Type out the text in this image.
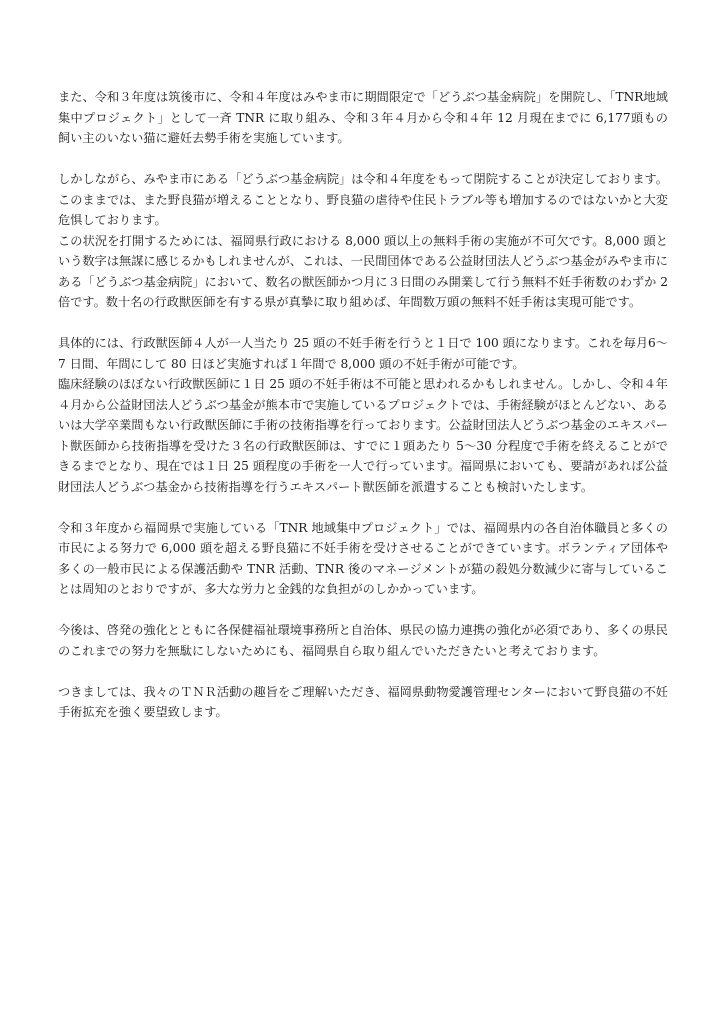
また、令和３年度は筑後市に、令和４年度はみやま市に期間限定で「どうぶつ基金病院」を開院し、「TNR地域集中プロジェクト」として一斉 TNR に取り組み、令和３年４月から令和４年 12 月現在までに 6,177頭もの飼い主のいない猫に避妊去勢手術を実施しています。

しかしながら、みやま市にある「どうぶつ基金病院」は令和４年度をもって閉院することが決定しております。このままでは、また野良猫が増えることとなり、野良猫の虐待や住民トラブル等も増加するのではないかと大変危惧しております。

この状況を打開するためには、福岡県行政における 8,000 頭以上の無料手術の実施が不可欠です。8,000 頭という数字は無謀に感じるかもしれませんが、これは、一民間団体である公益財団法人どうぶつ基金がみやま市にある「どうぶつ基金病院」において、数名の獣医師かつ月に３日間のみ開業して行う無料不妊手術数のわずか 2 倍です。数十名の行政獣医師を有する県が真摯に取り組めば、年間数万頭の無料不妊手術は実現可能です。

具体的には、行政獣医師４人が一人当たり 25 頭の不妊手術を行うと１日で 100 頭になります。これを毎月6～7 日間、年間にして 80 日ほど実施すれば１年間で 8,000 頭の不妊手術が可能です。

臨床経験のほぼない行政獣医師に１日 25 頭の不妊手術は不可能と思われるかもしれません。しかし、令和４年４月から公益財団法人どうぶつ基金が熊本市で実施しているプロジェクトでは、手術経験がほとんどない、あるいは大学卒業間もない行政獣医師に手術の技術指導を行っております。公益財団法人どうぶつ基金のエキスパート獣医師から技術指導を受けた３名の行政獣医師は、すでに１頭あたり 5～30 分程度で手術を終えることができるまでとなり、現在では１日 25 頭程度の手術を一人で行っています。福岡県においても、要請があれば公益財団法人どうぶつ基金から技術指導を行うエキスパート獣医師を派遣することも検討いたします。

令和３年度から福岡県で実施している「TNR 地域集中プロジェクト」では、福岡県内の各自治体職員と多くの市民による努力で 6,000 頭を超える野良猫に不妊手術を受けさせることができています。ボランティア団体や多くの一般市民による保護活動や TNR 活動、TNR 後のマネージメントが猫の殺処分数減少に寄与していることは周知のとおりですが、多大な労力と金銭的な負担がのしかかっています。

今後は、啓発の強化とともに各保健福祉環境事務所と自治体、県民の協力連携の強化が必須であり、多くの県民のこれまでの努力を無駄にしないためにも、福岡県自ら取り組んでいただきたいと考えております。

つきましては、我々のＴＮＲ活動の趣旨をご理解いただき、福岡県動物愛護管理センターにおいて野良猫の不妊手術拡充を強く要望致します。
